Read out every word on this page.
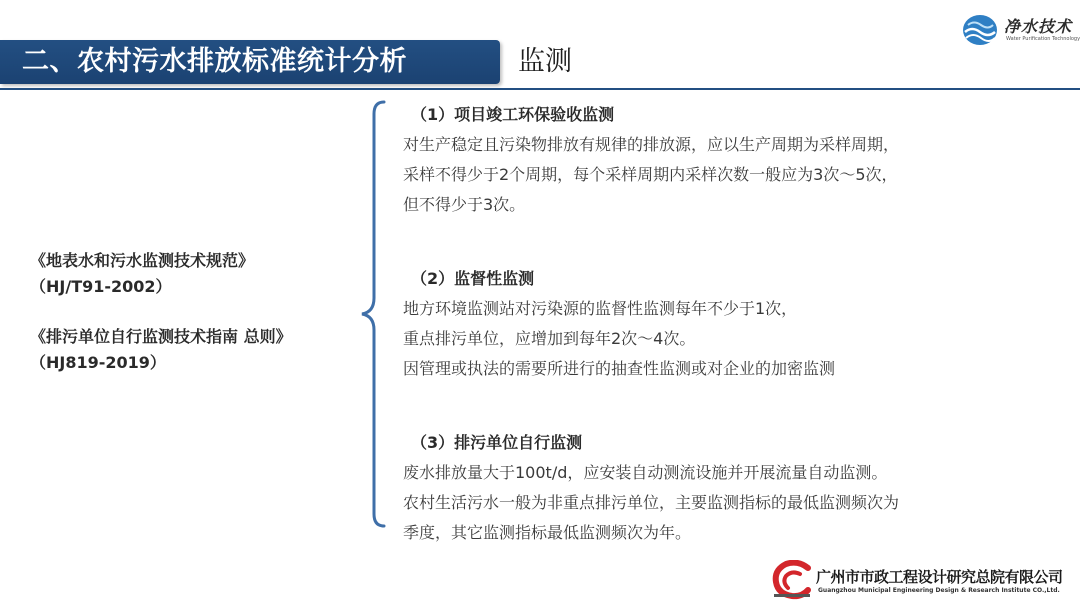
二、农村污水排放标准统计分析	监测
净水技术
Water Purification Technology
《地表水和污水监测技术规范》
（HJ/T91-2002）
《排污单位自行监测技术指南 总则》
（HJ819-2019）
（1）项目竣工环保验收监测
对生产稳定且污染物排放有规律的排放源，应以生产周期为采样周期，
采样不得少于2个周期，每个采样周期内采样次数一般应为3次～5次，
但不得少于3次。
（2）监督性监测
地方环境监测站对污染源的监督性监测每年不少于1次，
重点排污单位，应增加到每年2次～4次。
因管理或执法的需要所进行的抽查性监测或对企业的加密监测
（3）排污单位自行监测
废水排放量大于100t/d，应安装自动测流设施并开展流量自动监测。
农村生活污水一般为非重点排污单位，主要监测指标的最低监测频次为
季度，其它监测指标最低监测频次为年。
广州市市政工程设计研究总院有限公司
Guangzhou Municipal Engineering Design & Research Institute CO.,Ltd.
